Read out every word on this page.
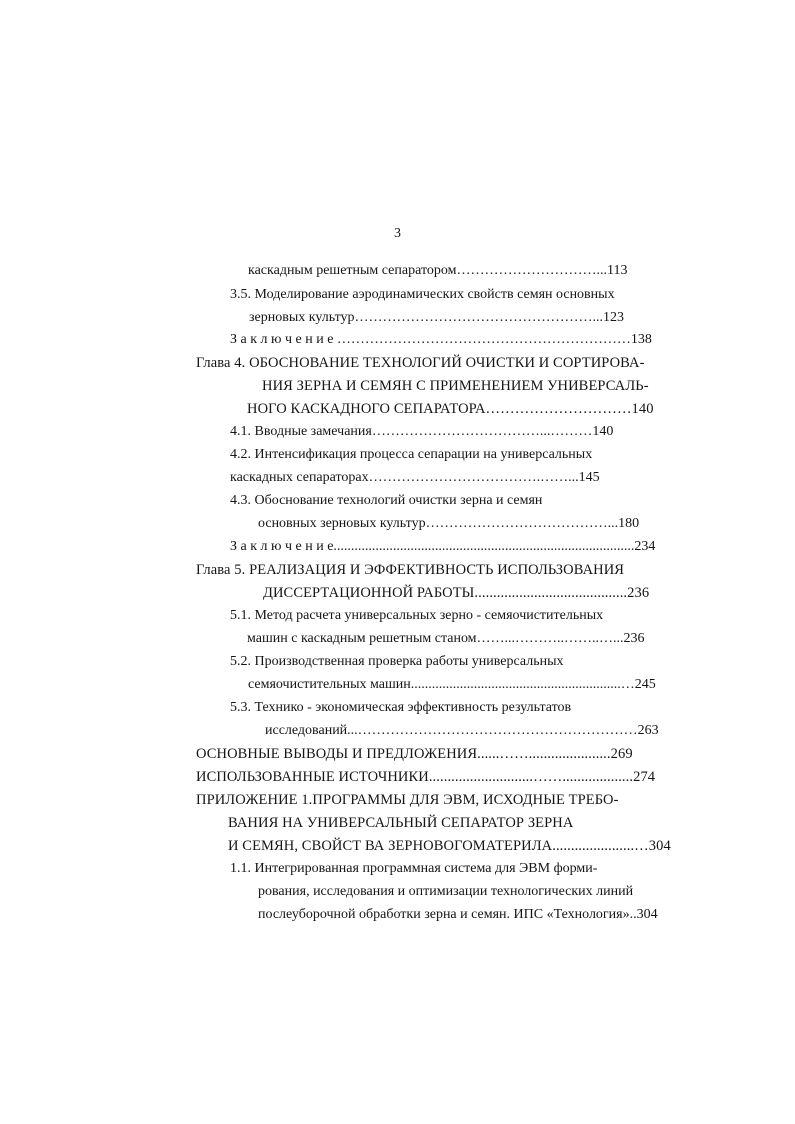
3
каскадным решетным сепаратором…………………………...113
3.5. Моделирование аэродинамических свойств семян основных
зерновых культур……………………………………………...123
З а к л ю ч е н и е ………………………………………………………138
Глава 4. ОБОСНОВАНИЕ ТЕХНОЛОГИЙ ОЧИСТКИ И СОРТИРОВА-
НИЯ ЗЕРНА И СЕМЯН С ПРИМЕНЕНИЕМ УНИВЕРСАЛЬ-
НОГО КАСКАДНОГО СЕПАРАТОРА…………………………140
4.1. Вводные замечания………………………………...………140
4.2. Интенсификация процесса сепарации на универсальных
каскадных сепараторах……………………………….……...145
4.3. Обоснование технологий очистки зерна и семян
основных зерновых культур…………………………………...180
З а к л ю ч е н и е......................................................................................234
Глава 5. РЕАЛИЗАЦИЯ И ЭФФЕКТИВНОСТЬ ИСПОЛЬЗОВАНИЯ
ДИССЕРТАЦИОННОЙ РАБОТЫ.........................................236
5.1. Метод расчета универсальных зерно - семяочистительных
машин с каскадным решетным станом……...………..……..…...236
5.2. Производственная проверка работы универсальных
семяочистительных машин............................................................…245
5.3. Технико - экономическая эффективность результатов
исследований...……………………………………………………263
ОСНОВНЫЕ ВЫВОДЫ И ПРЕДЛОЖЕНИЯ......……......................269
ИСПОЛЬЗОВАННЫЕ ИСТОЧНИКИ............................……...................274
ПРИЛОЖЕНИЕ 1.ПРОГРАММЫ ДЛЯ ЭВМ, ИСХОДНЫЕ ТРЕБО-
ВАНИЯ НА УНИВЕРСАЛЬНЫЙ СЕПАРАТОР ЗЕРНА
И СЕМЯН, СВОЙСТ ВА ЗЕРНОВОГОМАТЕРИЛА......................…304
1.1. Интегрированная программная система для ЭВМ форми-
рования, исследования и оптимизации технологических линий
послеуборочной обработки зерна и семян. ИПС «Технология»..304
